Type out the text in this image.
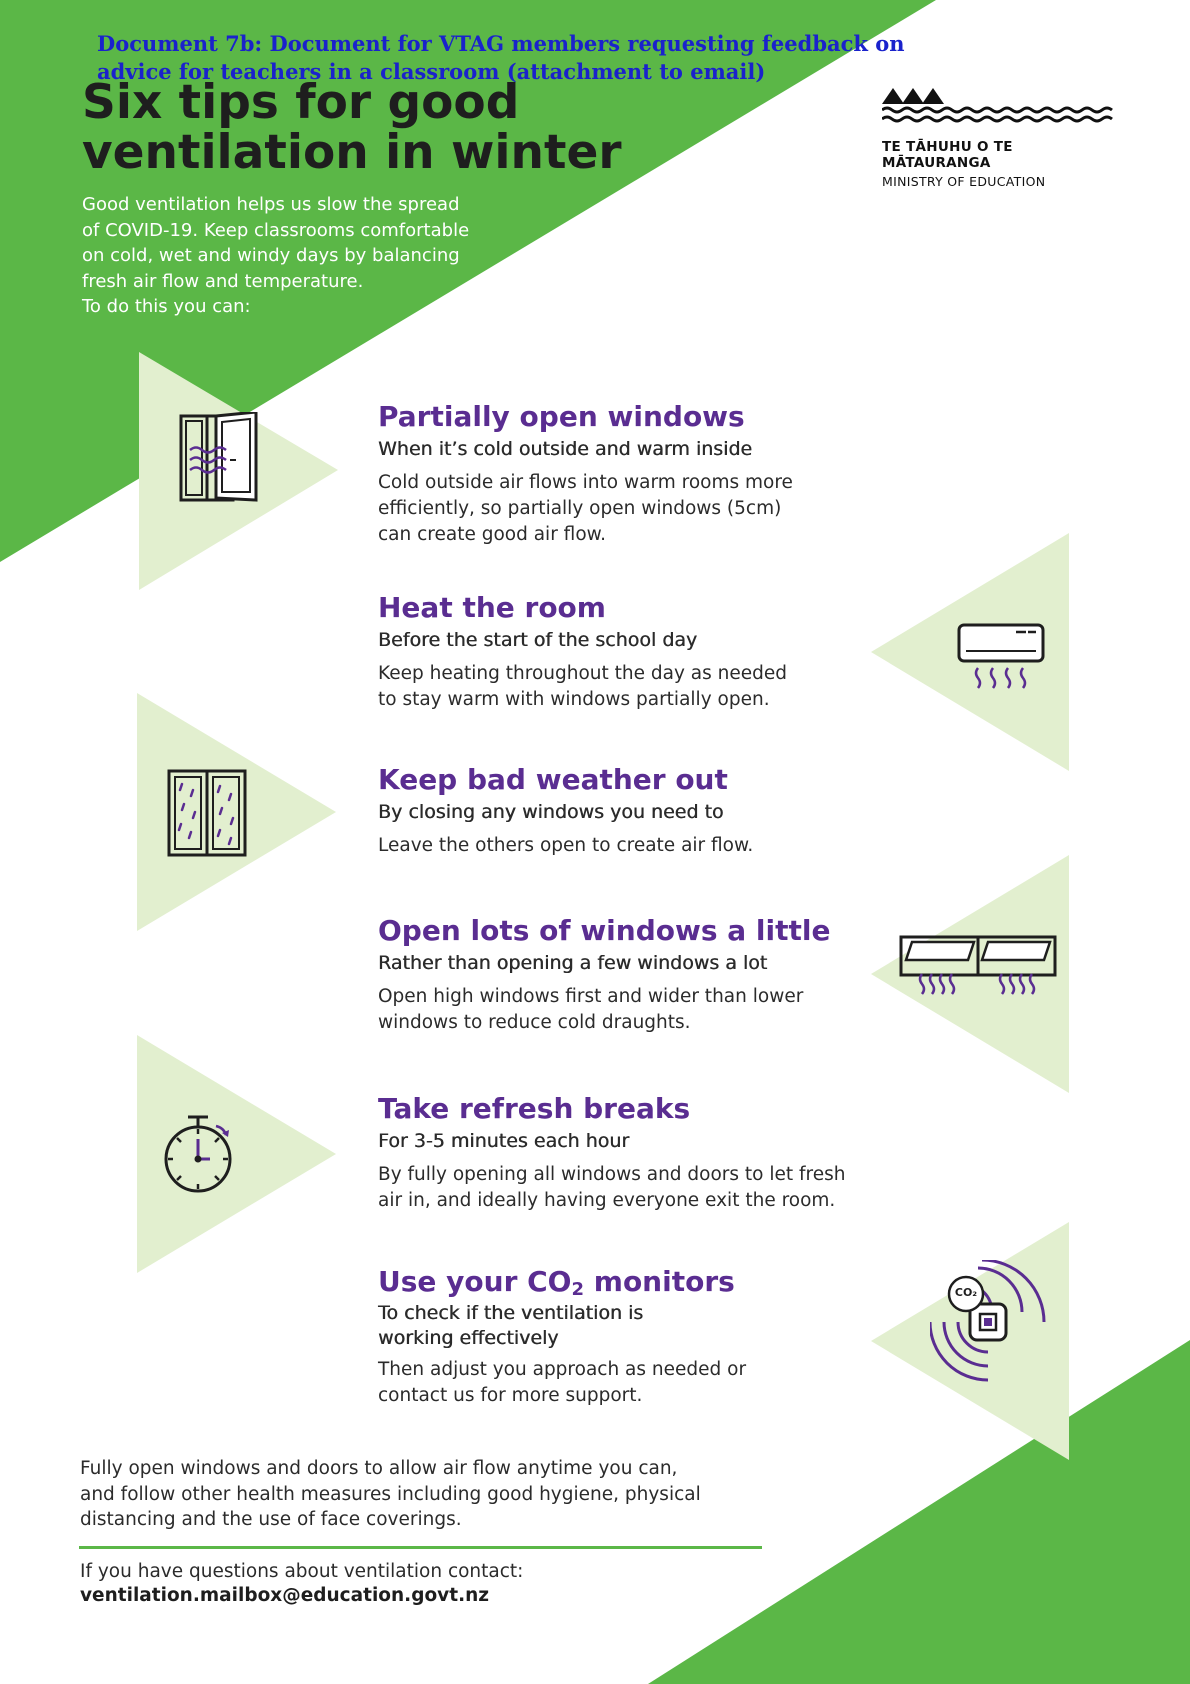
Document 7b: Document for VTAG members requesting feedback on advice for teachers in a classroom (attachment to email)
Six tips for good
ventilation in winter

Good ventilation helps us slow the spread

of COVID-19. Keep classrooms comfortable

on cold, wet and windy days by balancing

fresh air flow and temperature.

To do this you can:

TE TĀHUHU O TE MĀTAURANGA
MINISTRY OF EDUCATION
CO₂
Partially open windows
When it’s cold outside and warm inside
Cold outside air flows into warm rooms more
efficiently, so partially open windows (5cm)
can create good air flow.
Heat the room
Before the start of the school day
Keep heating throughout the day as needed
to stay warm with windows partially open.
Keep bad weather out
By closing any windows you need to
Leave the others open to create air flow.
Open lots of windows a little
Rather than opening a few windows a lot
Open high windows first and wider than lower
windows to reduce cold draughts.
Take refresh breaks
For 3-5 minutes each hour
By fully opening all windows and doors to let fresh
air in, and ideally having everyone exit the room.
Use your $CO_2$ monitors
To check if the ventilation is
working effectively
Then adjust you approach as needed or
contact us for more support.
Fully open windows and doors to allow air flow anytime you can,
and follow other health measures including good hygiene, physical
distancing and the use of face coverings.
If you have questions about ventilation contact:
ventilation.mailbox@education.govt.nz
